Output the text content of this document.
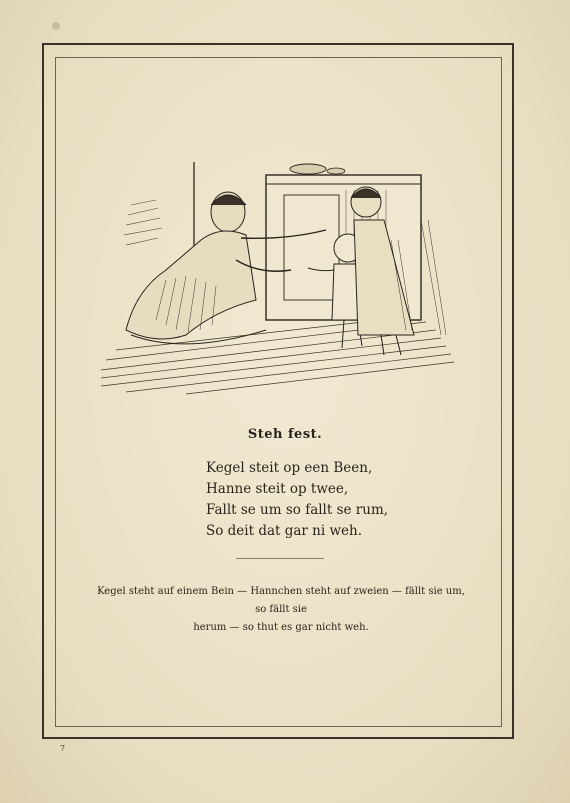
Steh fest.
Kegel steit op een Been,
Hanne steit op twee,
Fallt se um so fallt se rum,
So deit dat gar ni weh.
Kegel steht auf einem Bein — Hannchen steht auf zweien — fällt sie um, so fällt sie
herum — so thut es gar nicht weh.
7
